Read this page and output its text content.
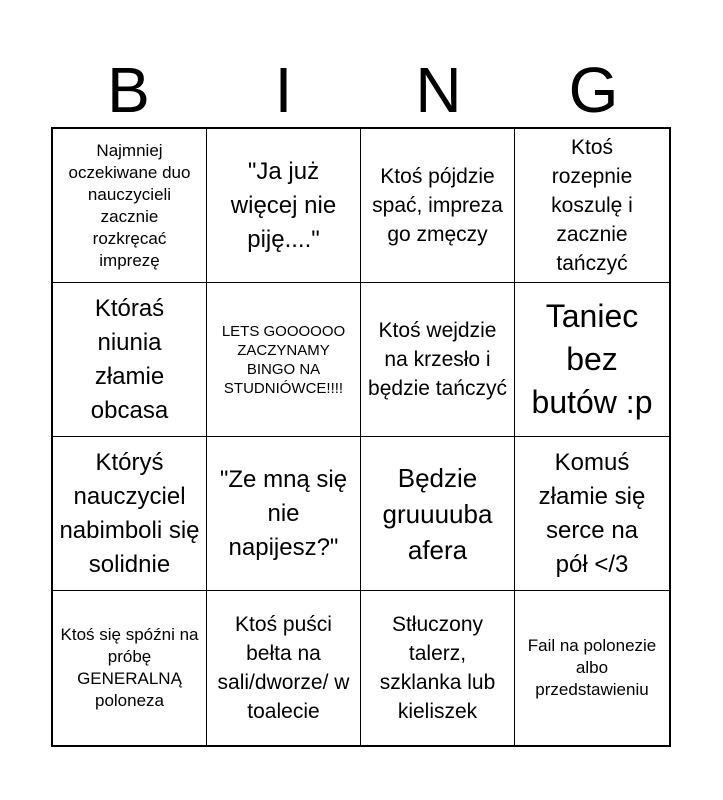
B	I	N	G
Najmniej oczekiwane duo nauczycieli zacznie rozkręcać imprezę
"Ja już więcej nie piję...."
Ktoś pójdzie spać, impreza go zmęczy
Ktoś rozepnie koszulę i zacznie tańczyć
Któraś niunia złamie obcasa
LETS GOOOOOO ZACZYNAMY BINGO NA STUDNIÓWCE!!!!
Ktoś wejdzie na krzesło i będzie tańczyć
Taniec bez butów :p
Któryś nauczyciel nabimboli się solidnie
"Ze mną się nie napijesz?"
Będzie gruuuuba afera
Komuś złamie się serce na pół </3
Ktoś się spóźni na próbę GENERALNĄ poloneza
Ktoś puści bełta na sali/dworze/ w toalecie
Stłuczony talerz, szklanka lub kieliszek
Fail na polonezie albo przedstawieniu
